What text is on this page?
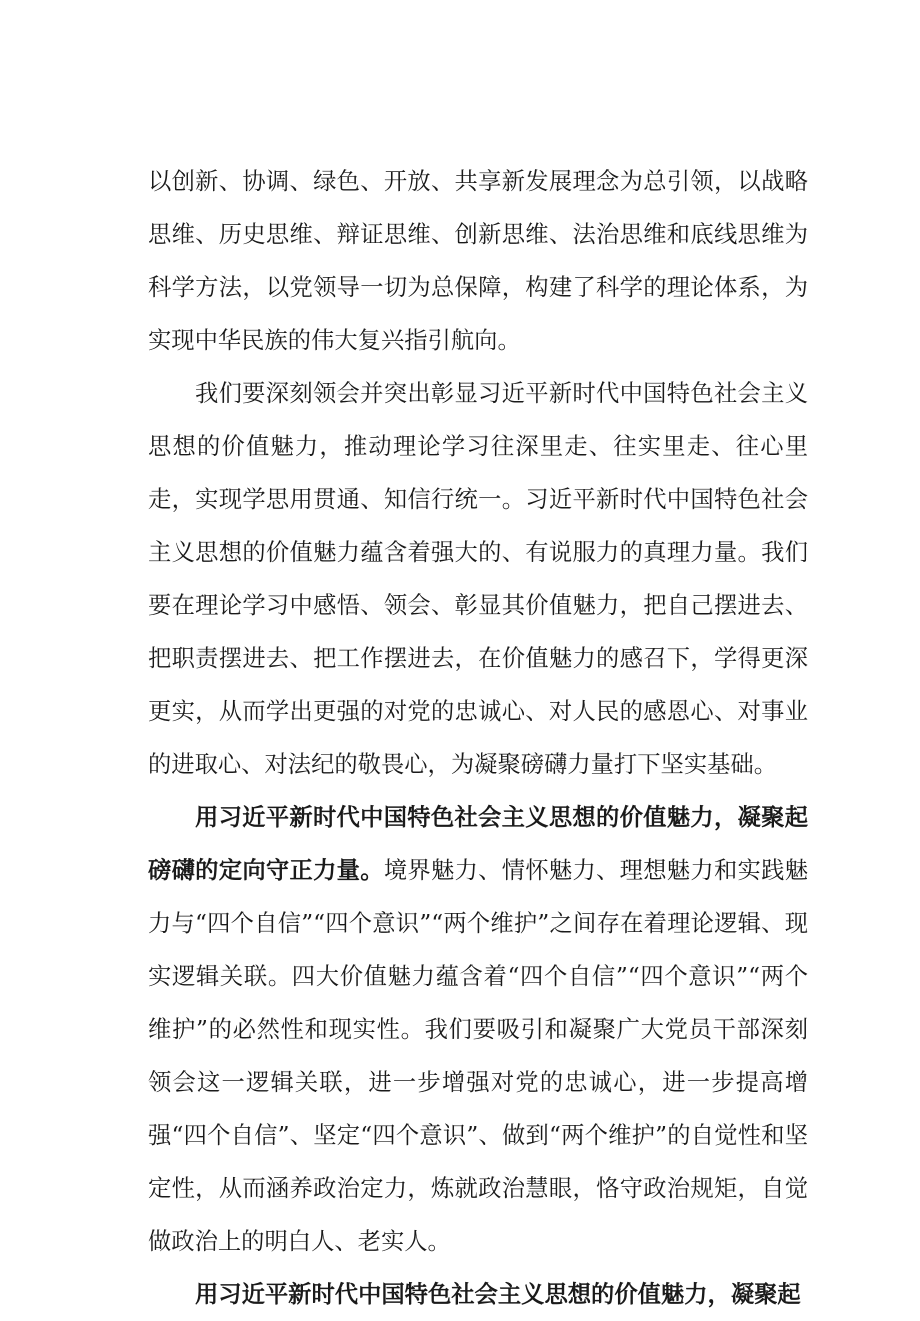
以创新、协调、绿色、开放、共享新发展理念为总引领，以战略思维、历史思维、辩证思维、创新思维、法治思维和底线思维为科学方法，以党领导一切为总保障，构建了科学的理论体系，为实现中华民族的伟大复兴指引航向。

我们要深刻领会并突出彰显习近平新时代中国特色社会主义思想的价值魅力，推动理论学习往深里走、往实里走、往心里走，实现学思用贯通、知信行统一。习近平新时代中国特色社会主义思想的价值魅力蕴含着强大的、有说服力的真理力量。我们要在理论学习中感悟、领会、彰显其价值魅力，把自己摆进去、把职责摆进去、把工作摆进去，在价值魅力的感召下，学得更深更实，从而学出更强的对党的忠诚心、对人民的感恩心、对事业的进取心、对法纪的敬畏心，为凝聚磅礴力量打下坚实基础。

用习近平新时代中国特色社会主义思想的价值魅力，凝聚起磅礴的定向守正力量。境界魅力、情怀魅力、理想魅力和实践魅力与“四个自信”“四个意识”“两个维护”之间存在着理论逻辑、现实逻辑关联。四大价值魅力蕴含着“四个自信”“四个意识”“两个维护”的必然性和现实性。我们要吸引和凝聚广大党员干部深刻领会这一逻辑关联，进一步增强对党的忠诚心，进一步提高增强“四个自信”、坚定“四个意识”、做到“两个维护”的自觉性和坚定性，从而涵养政治定力，炼就政治慧眼，恪守政治规矩，自觉做政治上的明白人、老实人。

用习近平新时代中国特色社会主义思想的价值魅力，凝聚起
